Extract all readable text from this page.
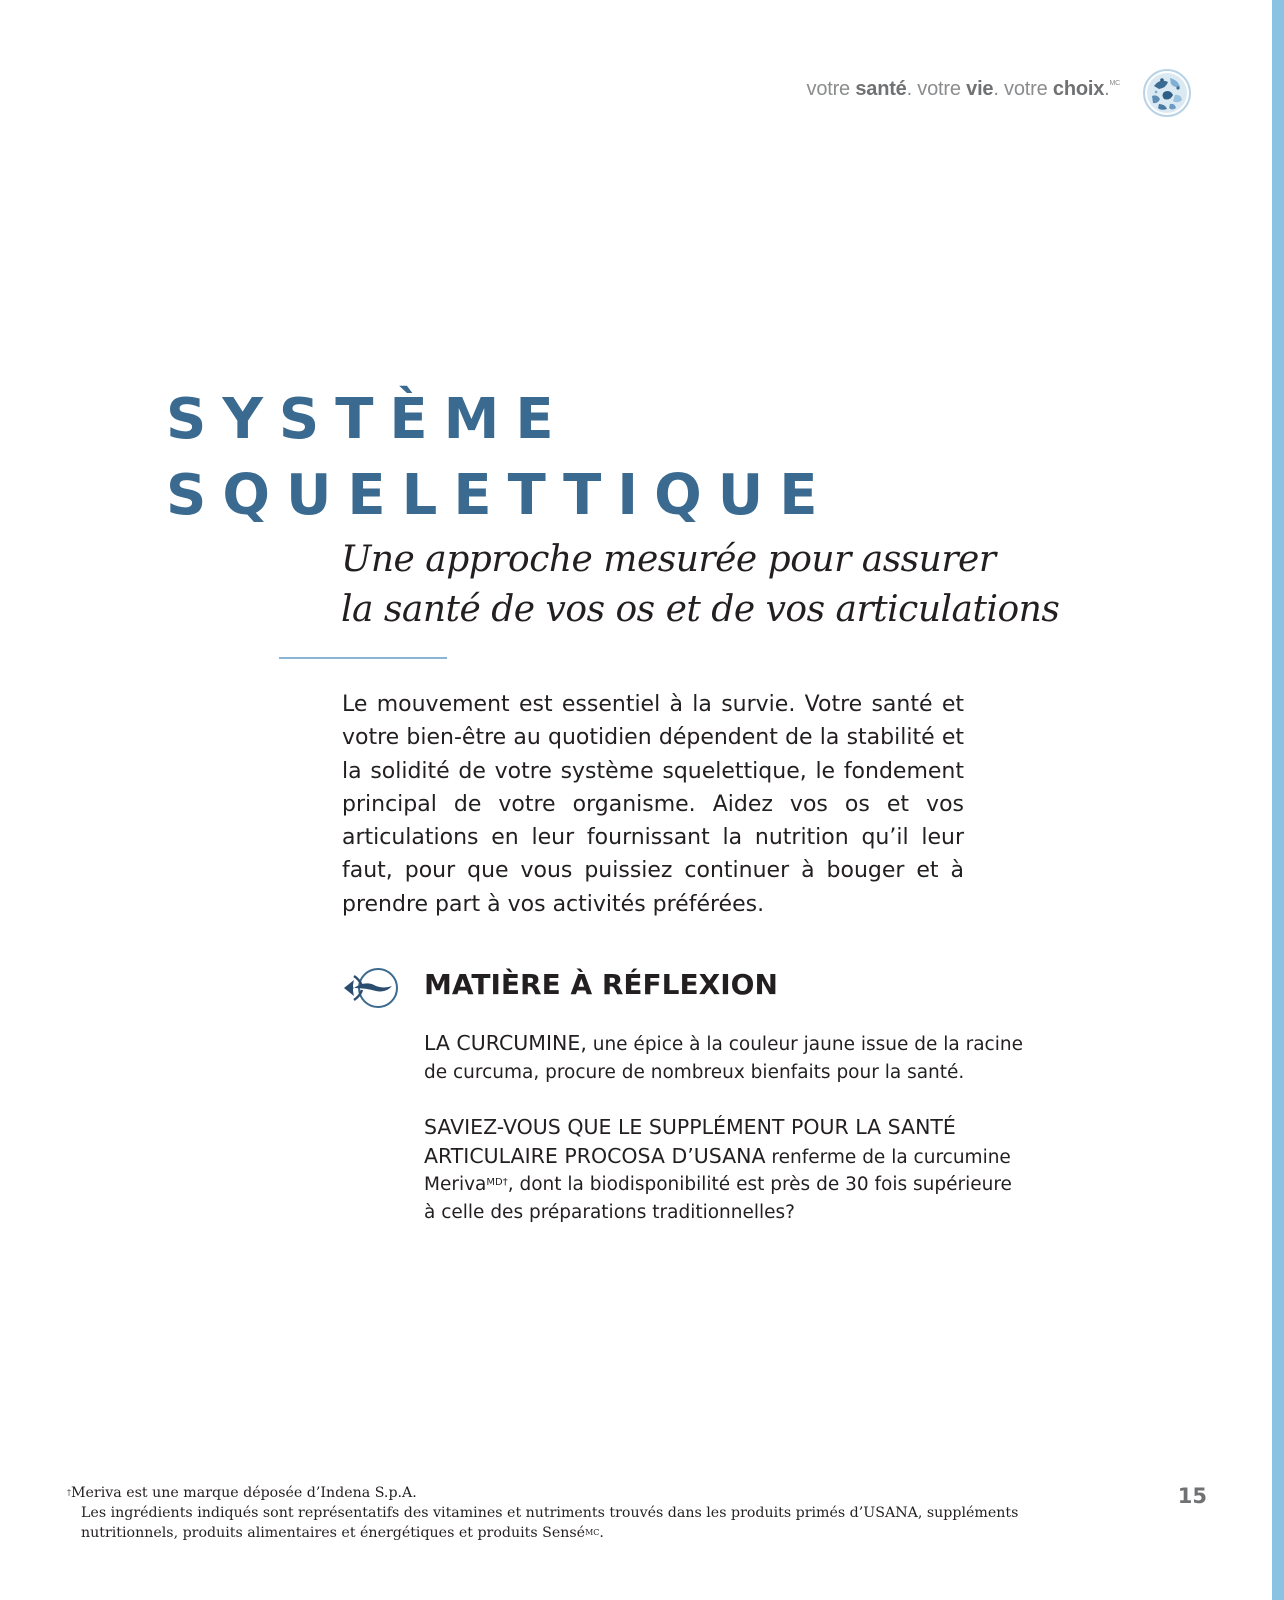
votre santé. votre vie. votre choix.$^{MC}$
SYSTÈME
SQUELETTIQUE
Une approche mesurée pour assurer
la santé de vos os et de vos articulations

Le mouvement est essentiel à la survie. Votre santé et votre bien-être au quotidien dépendent de la stabilité et la solidité de votre système squelettique, le fondement principal de votre organisme. Aidez vos os et vos articulations en leur fournissant la nutrition qu’il leur faut, pour que vous puissiez continuer à bouger et à prendre part à vos activités préférées.

MATIÈRE À RÉFLEXION

LA CURCUMINE, une épice à la couleur jaune issue de la racine de curcuma, procure de nombreux bienfaits pour la santé.

SAVIEZ-VOUS QUE LE SUPPLÉMENT POUR LA SANTÉ ARTICULAIRE PROCOSA D’USANA renferme de la curcumine Meriva$^{MD\dagger}$, dont la biodisponibilité est près de 30 fois supérieure à celle des préparations traditionnelles?

†Meriva est une marque déposée d’Indena S.p.A.

Les ingrédients indiqués sont représentatifs des vitamines et nutriments trouvés dans les produits primés d’USANA, suppléments nutritionnels, produits alimentaires et énergétiques et produits Sensé$^{MC}$.

15
